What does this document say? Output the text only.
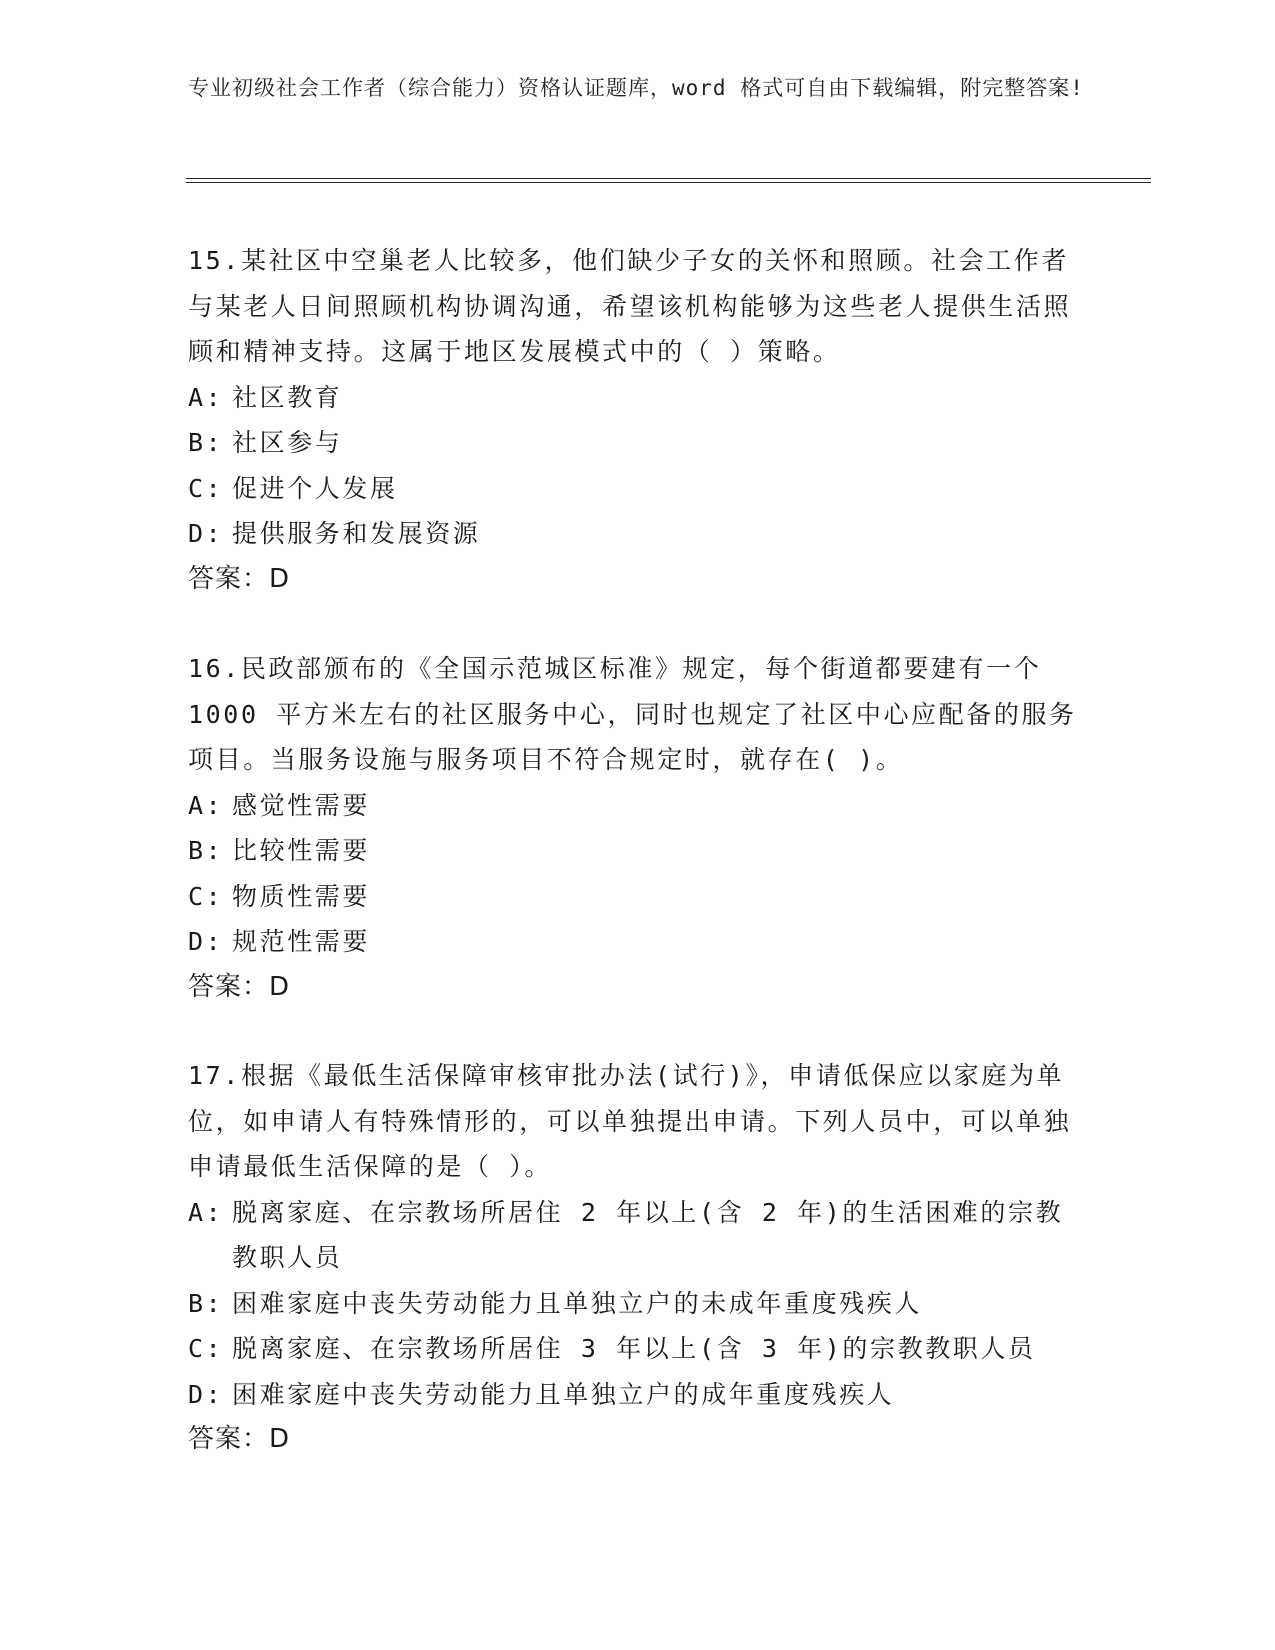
专业初级社会工作者（综合能力）资格认证题库，word 格式可自由下载编辑，附完整答案!

15.某社区中空巢老人比较多，他们缺少子女的关怀和照顾。社会工作者与某老人日间照顾机构协调沟通，希望该机构能够为这些老人提供生活照顾和精神支持。这属于地区发展模式中的（ ）策略。

A: 社区教育

B: 社区参与

C: 促进个人发展

D: 提供服务和发展资源

答案：D

16.民政部颁布的《全国示范城区标准》规定，每个街道都要建有一个1000 平方米左右的社区服务中心，同时也规定了社区中心应配备的服务项目。当服务设施与服务项目不符合规定时，就存在( )。

A: 感觉性需要

B: 比较性需要

C: 物质性需要

D: 规范性需要

答案：D

17.根据《最低生活保障审核审批办法(试行)》，申请低保应以家庭为单位，如申请人有特殊情形的，可以单独提出申请。下列人员中，可以单独申请最低生活保障的是（ ）。

A: 脱离家庭、在宗教场所居住 2 年以上(含 2 年)的生活困难的宗教教职人员

B: 困难家庭中丧失劳动能力且单独立户的未成年重度残疾人

C: 脱离家庭、在宗教场所居住 3 年以上(含 3 年)的宗教教职人员

D: 困难家庭中丧失劳动能力且单独立户的成年重度残疾人

答案：D
